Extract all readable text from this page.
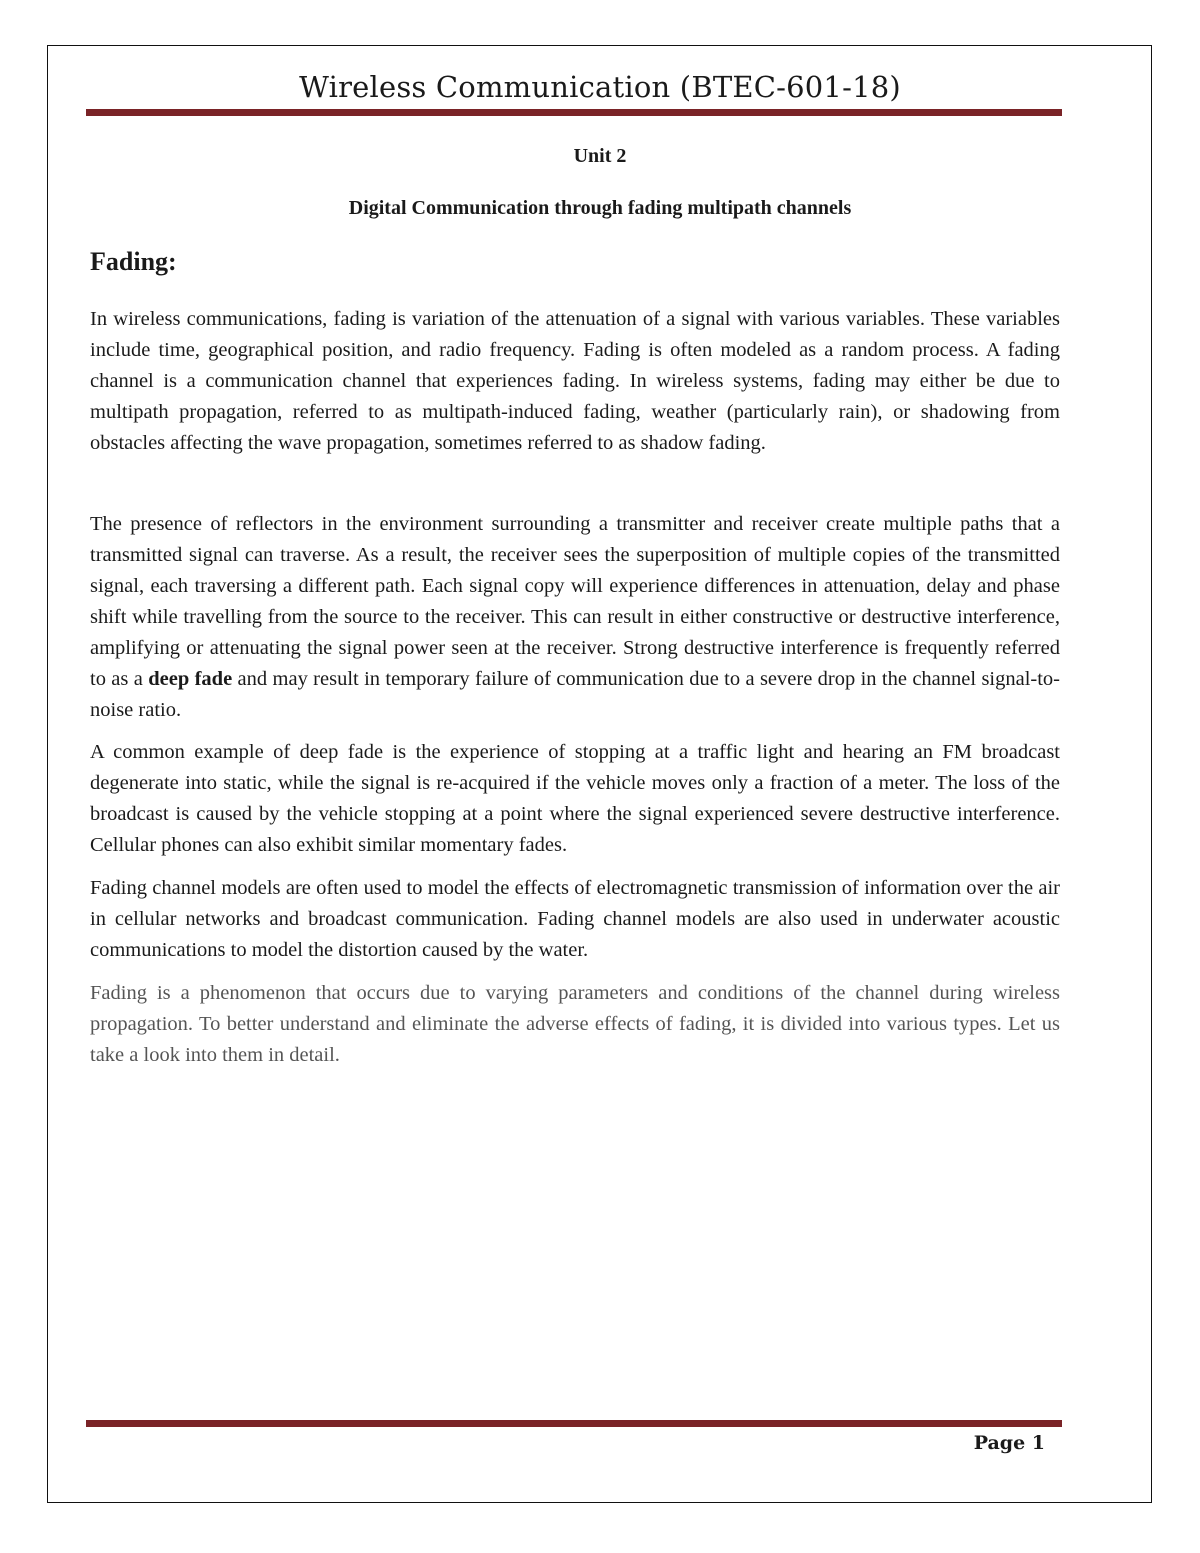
Wireless Communication (BTEC-601-18)
Unit 2
Digital Communication through fading multipath channels
Fading:

In wireless communications, fading is variation of the attenuation of a signal with various variables. These variables include time, geographical position, and radio frequency. Fading is often modeled as a random process. A fading channel is a communication channel that experiences fading. In wireless systems, fading may either be due to multipath propagation, referred to as multipath-induced fading, weather (particularly rain), or shadowing from obstacles affecting the wave propagation, sometimes referred to as shadow fading.

The presence of reflectors in the environment surrounding a transmitter and receiver create multiple paths that a transmitted signal can traverse. As a result, the receiver sees the superposition of multiple copies of the transmitted signal, each traversing a different path. Each signal copy will experience differences in attenuation, delay and phase shift while travelling from the source to the receiver. This can result in either constructive or destructive interference, amplifying or attenuating the signal power seen at the receiver. Strong destructive interference is frequently referred to as a deep fade and may result in temporary failure of communication due to a severe drop in the channel signal-to-noise ratio.

A common example of deep fade is the experience of stopping at a traffic light and hearing an FM broadcast degenerate into static, while the signal is re-acquired if the vehicle moves only a fraction of a meter. The loss of the broadcast is caused by the vehicle stopping at a point where the signal experienced severe destructive interference. Cellular phones can also exhibit similar momentary fades.

Fading channel models are often used to model the effects of electromagnetic transmission of information over the air in cellular networks and broadcast communication. Fading channel models are also used in underwater acoustic communications to model the distortion caused by the water.

Fading is a phenomenon that occurs due to varying parameters and conditions of the channel during wireless propagation. To better understand and eliminate the adverse effects of fading, it is divided into various types. Let us take a look into them in detail.

Page 1
